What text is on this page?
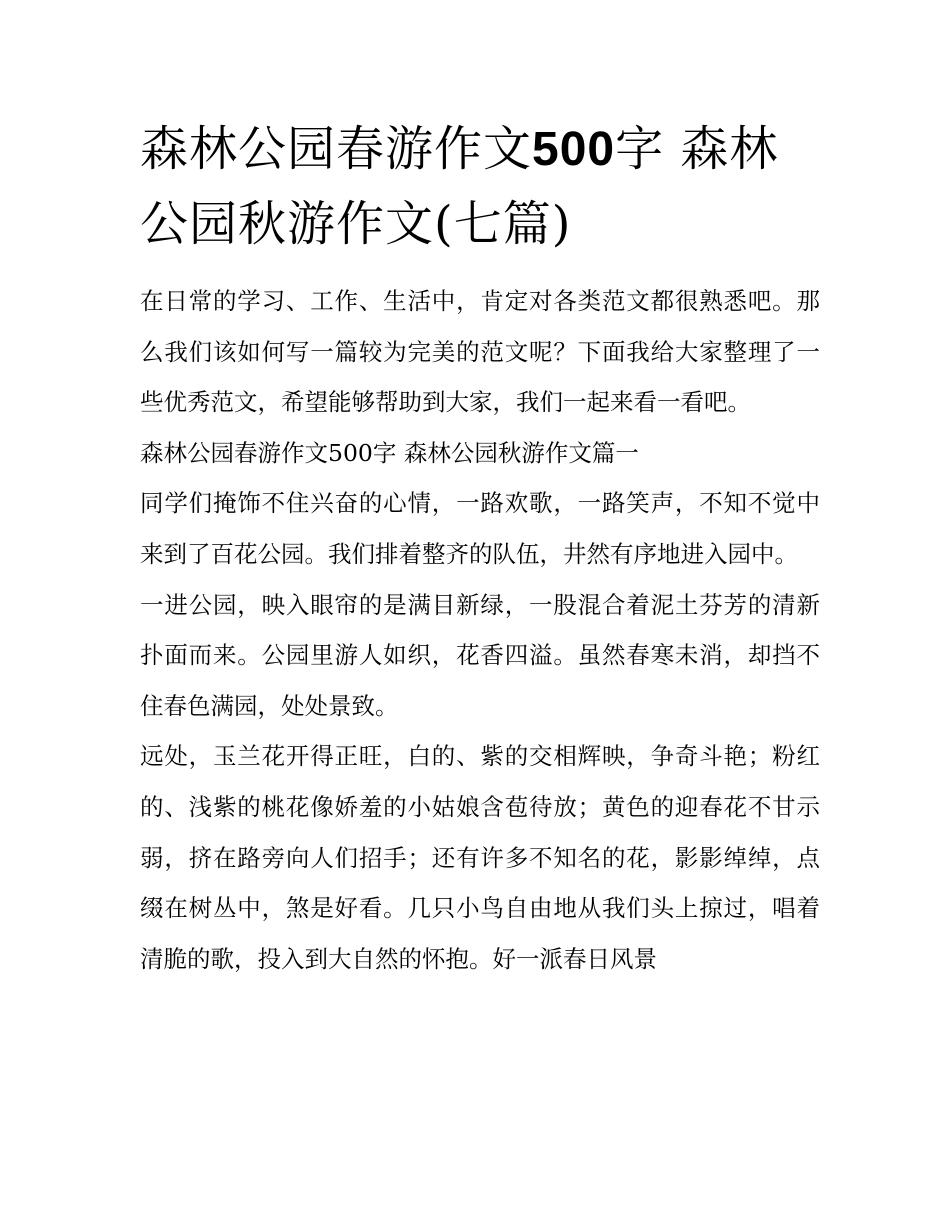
森林公园春游作文500字 森林公园秋游作文(七篇)

在日常的学习、工作、生活中，肯定对各类范文都很熟悉吧。那么我们该如何写一篇较为完美的范文呢？下面我给大家整理了一些优秀范文，希望能够帮助到大家，我们一起来看一看吧。

森林公园春游作文500字 森林公园秋游作文篇一

同学们掩饰不住兴奋的心情，一路欢歌，一路笑声，不知不觉中来到了百花公园。我们排着整齐的队伍，井然有序地进入园中。

一进公园，映入眼帘的是满目新绿，一股混合着泥土芬芳的清新扑面而来。公园里游人如织，花香四溢。虽然春寒未消，却挡不住春色满园，处处景致。

远处，玉兰花开得正旺，白的、紫的交相辉映，争奇斗艳；粉红的、浅紫的桃花像娇羞的小姑娘含苞待放；黄色的迎春花不甘示弱，挤在路旁向人们招手；还有许多不知名的花，影影绰绰，点缀在树丛中，煞是好看。几只小鸟自由地从我们头上掠过，唱着清脆的歌，投入到大自然的怀抱。好一派春日风景
